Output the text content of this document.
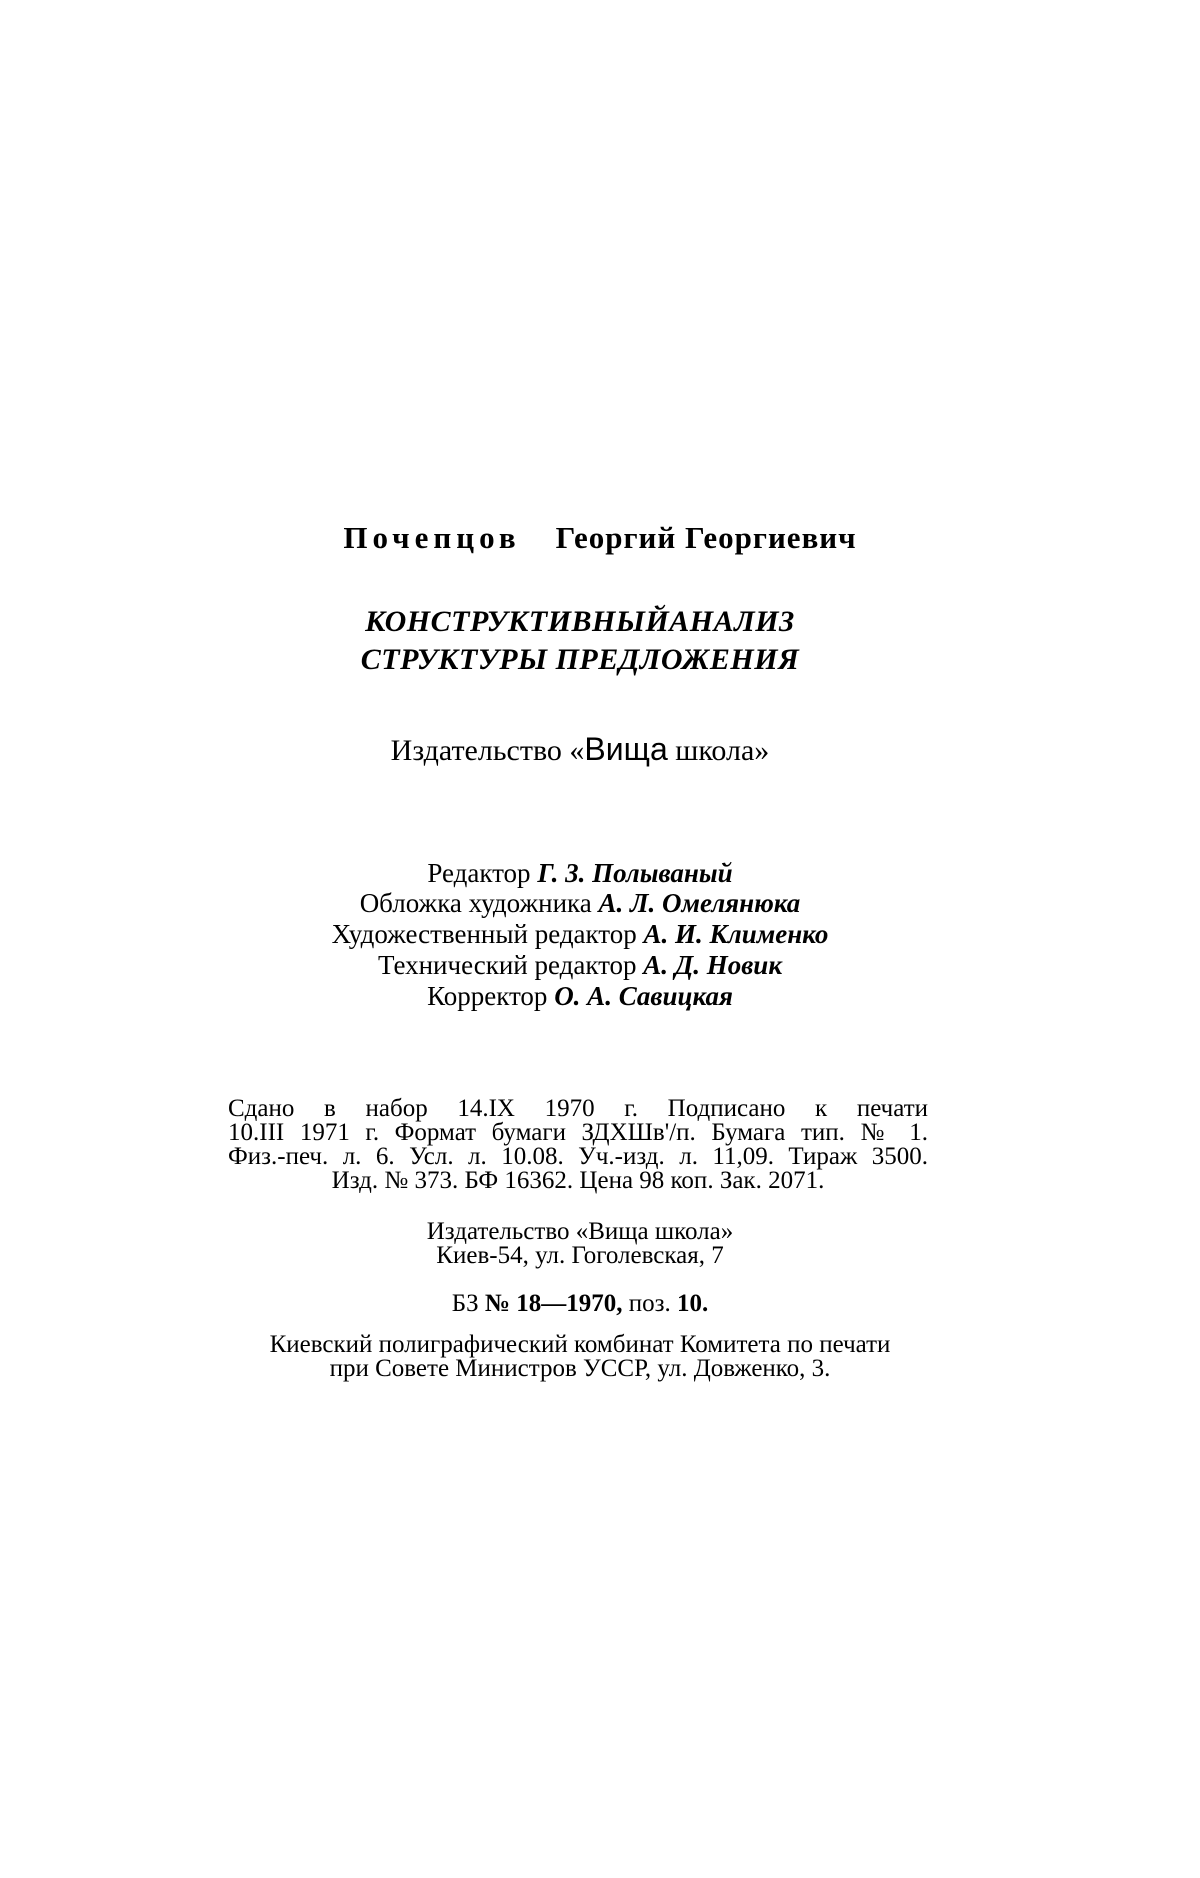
Почепцов Георгий Георгиевич
КОНСТРУКТИВНЫЙАНАЛИЗ
СТРУКТУРЫ ПРЕДЛОЖЕНИЯ
Издательство «Вища школа»
Редактор Г. 3. Полываный
Обложка художника А. Л. Омелянюка
Художественный редактор А. И. Клименко
Технический редактор А. Д. Новик
Корректор О. А. Савицкая
Сдано в набор 14.IX 1970 г. Подписано к печати
10.III 1971 г. Формат бумаги ЗДХШв'/п. Бумага тип. № 1.
Физ.-печ. л. 6. Усл. л. 10.08. Уч.-изд. л. 11,09. Тираж 3500.
Изд. № 373. БФ 16362. Цена 98 коп. Зак. 2071.
Издательство «Вища школа»
Киев-54, ул. Гоголевская, 7
БЗ № 18—1970, поз. 10.
Киевский полиграфический комбинат Комитета по печати
при Совете Министров УССР, ул. Довженко, 3.
